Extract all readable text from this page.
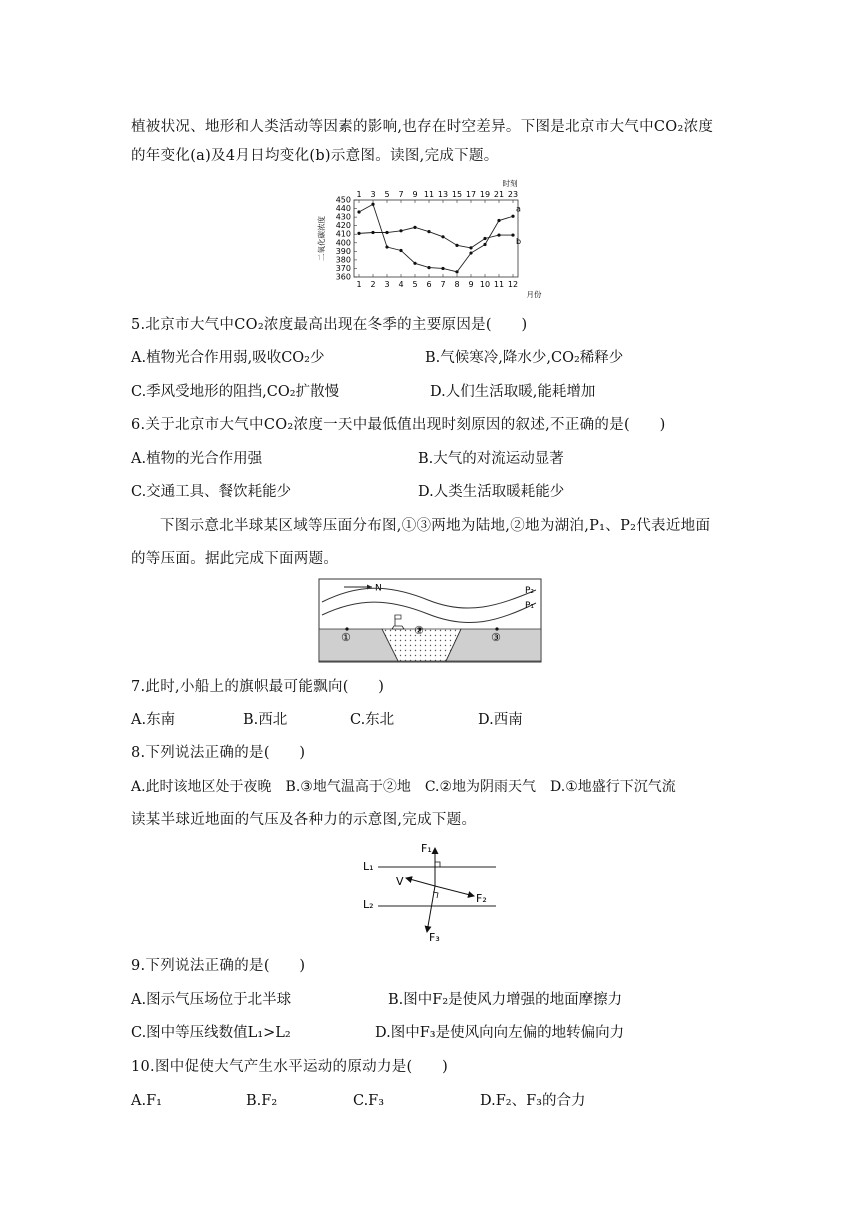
植被状况、地形和人类活动等因素的影响,也存在时空差异。下图是北京市大气中CO₂浓度
的年变化(a)及4月日均变化(b)示意图。读图,完成下题。
450
440
430
420
410
400
390
380
370
360
二氧化碳浓度
1 2 3 4 5 6 7 8 9 10 11 12
月份
1 3 5 7 9 11 13 15 17 19 21 23
时刻
a
b
5.北京市大气中CO₂浓度最高出现在冬季的主要原因是(　　)
A.植物光合作用弱,吸收CO₂少	B.气候寒冷,降水少,CO₂稀释少
C.季风受地形的阻挡,CO₂扩散慢	D.人们生活取暖,能耗增加
6.关于北京市大气中CO₂浓度一天中最低值出现时刻原因的叙述,不正确的是(　　)
A.植物的光合作用强	B.大气的对流运动显著
C.交通工具、餐饮耗能少	D.人类生活取暖耗能少
下图示意北半球某区域等压面分布图,①③两地为陆地,②地为湖泊,P₁、P₂代表近地面
的等压面。据此完成下面两题。
N	P₂
P₁
①
②
③
7.此时,小船上的旗帜最可能飘向(　　)
A.东南	B.西北	C.东北	D.西南
8.下列说法正确的是(　　)
A.此时该地区处于夜晚　B.③地气温高于②地　C.②地为阴雨天气　D.①地盛行下沉气流
读某半球近地面的气压及各种力的示意图,完成下题。
L₁
L₂
F₁
F₂
V
F₃
9.下列说法正确的是(　　)
A.图示气压场位于北半球	B.图中F₂是使风力增强的地面摩擦力
C.图中等压线数值L₁>L₂	D.图中F₃是使风向向左偏的地转偏向力
10.图中促使大气产生水平运动的原动力是(　　)
A.F₁	B.F₂	C.F₃	D.F₂、F₃的合力
